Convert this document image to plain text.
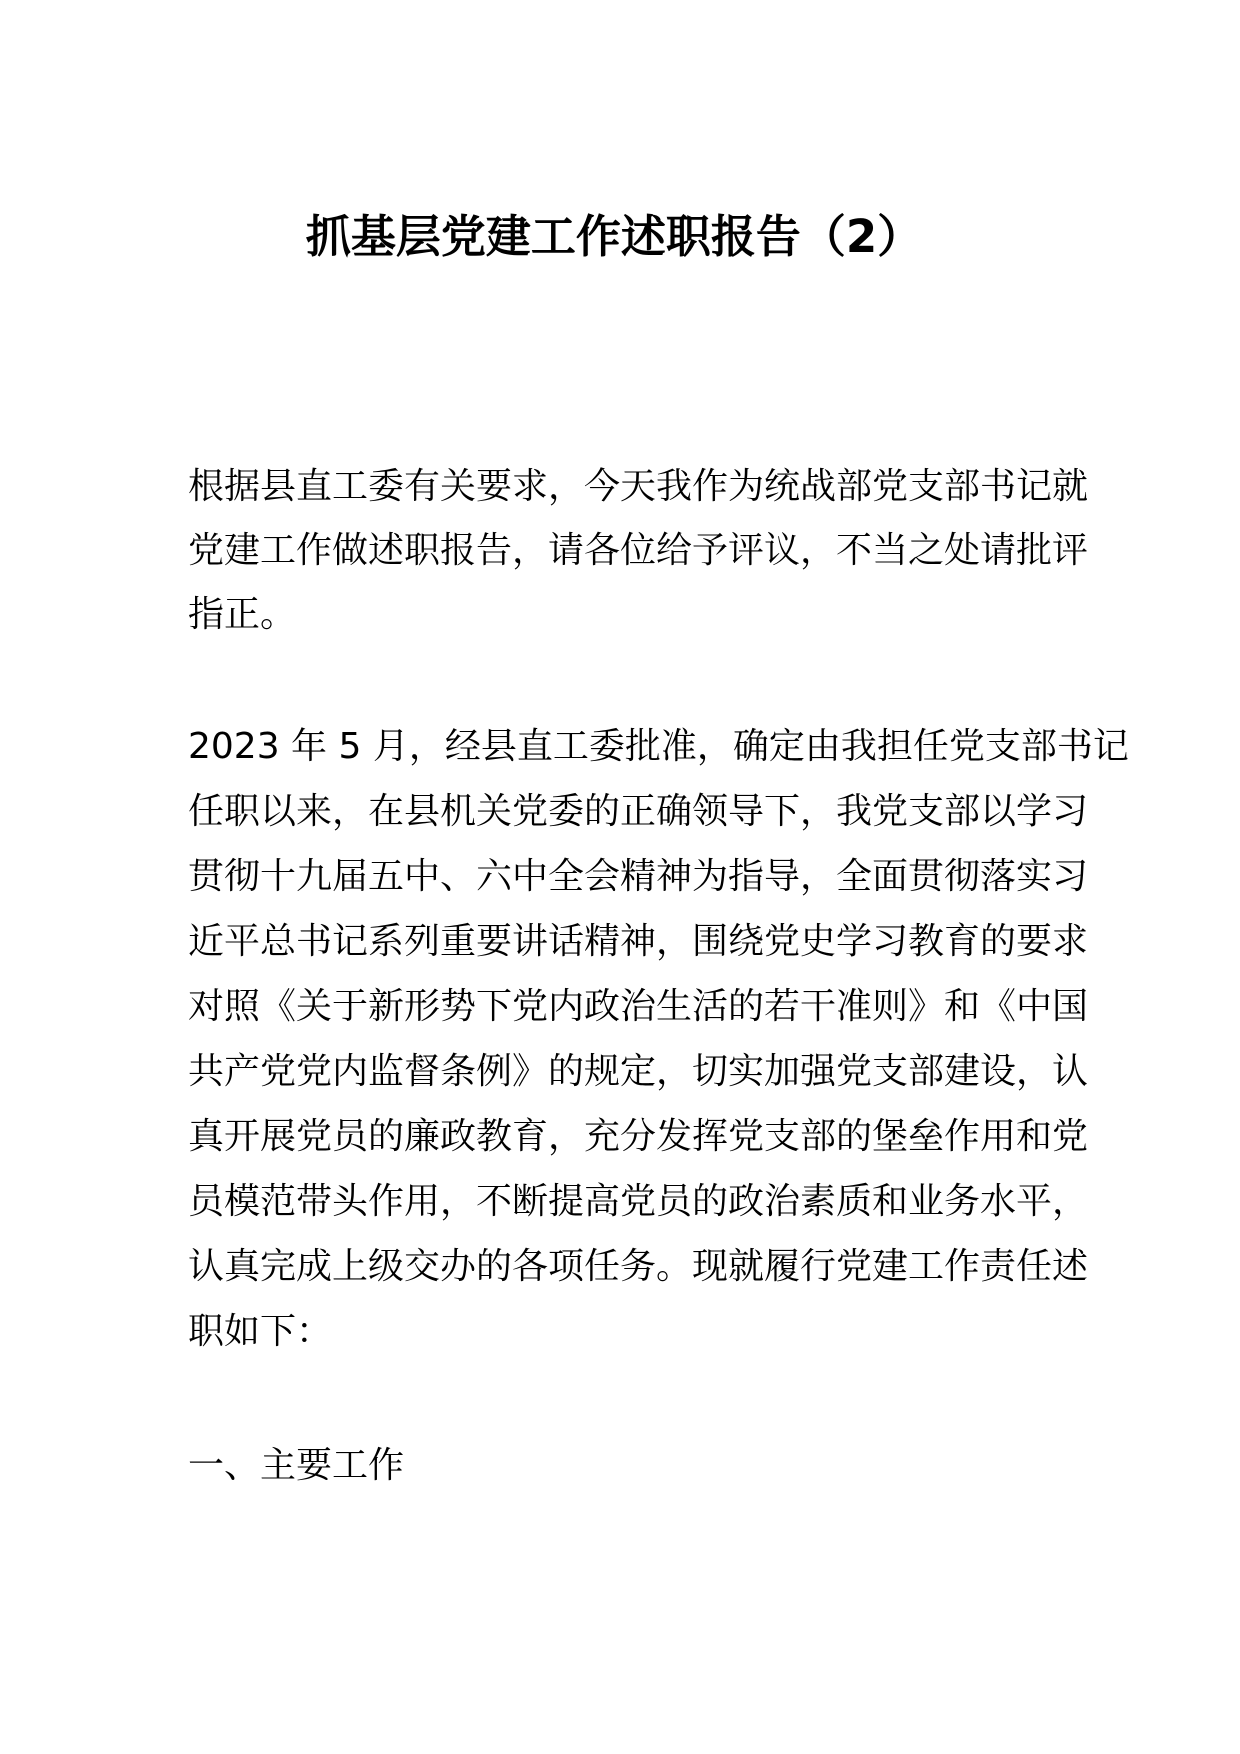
抓基层党建工作述职报告（2）
根据县直工委有关要求，今天我作为统战部党支部书记就
党建工作做述职报告，请各位给予评议，不当之处请批评
指正。
2023 年 5 月，经县直工委批准，确定由我担任党支部书记
任职以来，在县机关党委的正确领导下，我党支部以学习
贯彻十九届五中、六中全会精神为指导，全面贯彻落实习
近平总书记系列重要讲话精神，围绕党史学习教育的要求
对照《关于新形势下党内政治生活的若干准则》和《中国
共产党党内监督条例》的规定，切实加强党支部建设，认
真开展党员的廉政教育，充分发挥党支部的堡垒作用和党
员模范带头作用，不断提高党员的政治素质和业务水平，
认真完成上级交办的各项任务。现就履行党建工作责任述
职如下：
一、主要工作
